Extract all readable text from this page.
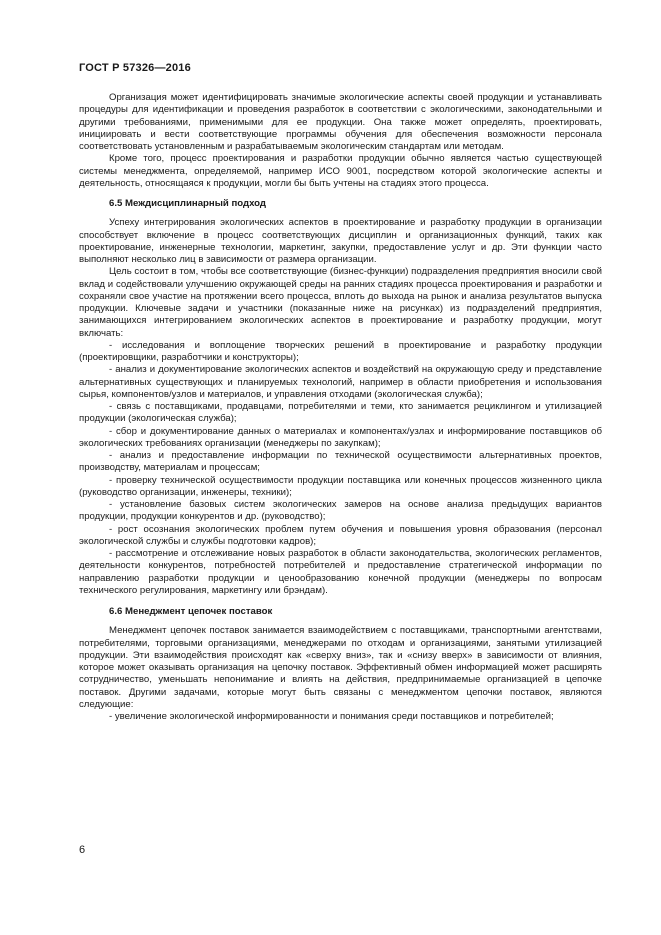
ГОСТ Р 57326—2016

Организация может идентифицировать значимые экологические аспекты своей продукции и устанавливать процедуры для идентификации и проведения разработок в соответствии с экологическими, законодательными и другими требованиями, применимыми для ее продукции. Она также может определять, проектировать, инициировать и вести соответствующие программы обучения для обеспечения возможности персонала соответствовать установленным и разрабатываемым экологическим стандартам или методам.

Кроме того, процесс проектирования и разработки продукции обычно является частью существующей системы менеджмента, определяемой, например ИСО 9001, посредством которой экологические аспекты и деятельность, относящаяся к продукции, могли бы быть учтены на стадиях этого процесса.

6.5 Междисциплинарный подход

Успеху интегрирования экологических аспектов в проектирование и разработку продукции в организации способствует включение в процесс соответствующих дисциплин и организационных функций, таких как проектирование, инженерные технологии, маркетинг, закупки, предоставление услуг и др. Эти функции часто выполняют несколько лиц в зависимости от размера организации.

Цель состоит в том, чтобы все соответствующие (бизнес-функции) подразделения предприятия вносили свой вклад и содействовали улучшению окружающей среды на ранних стадиях процесса проектирования и разработки и сохраняли свое участие на протяжении всего процесса, вплоть до выхода на рынок и анализа результатов выпуска продукции. Ключевые задачи и участники (показанные ниже на рисунках) из подразделений предприятия, занимающихся интегрированием экологических аспектов в проектирование и разработку продукции, могут включать:

- исследования и воплощение творческих решений в проектирование и разработку продукции (проектировщики, разработчики и конструкторы);

- анализ и документирование экологических аспектов и воздействий на окружающую среду и представление альтернативных существующих и планируемых технологий, например в области приобретения и использования сырья, компонентов/узлов и материалов, и управления отходами (экологическая служба);

- связь с поставщиками, продавцами, потребителями и теми, кто занимается рециклингом и утилизацией продукции (экологическая служба);

- сбор и документирование данных о материалах и компонентах/узлах и информирование поставщиков об экологических требованиях организации (менеджеры по закупкам);

- анализ и предоставление информации по технической осуществимости альтернативных проектов, производству, материалам и процессам;

- проверку технической осуществимости продукции поставщика или конечных процессов жизненного цикла (руководство организации, инженеры, техники);

- установление базовых систем экологических замеров на основе анализа предыдущих вариантов продукции, продукции конкурентов и др. (руководство);

- рост осознания экологических проблем путем обучения и повышения уровня образования (персонал экологической службы и службы подготовки кадров);

- рассмотрение и отслеживание новых разработок в области законодательства, экологических регламентов, деятельности конкурентов, потребностей потребителей и предоставление стратегической информации по направлению разработки продукции и ценообразованию конечной продукции (менеджеры по вопросам технического регулирования, маркетингу или брэндам).

6.6 Менеджмент цепочек поставок

Менеджмент цепочек поставок занимается взаимодействием с поставщиками, транспортными агентствами, потребителями, торговыми организациями, менеджерами по отходам и организациями, занятыми утилизацией продукции. Эти взаимодействия происходят как «сверху вниз», так и «снизу вверх» в зависимости от влияния, которое может оказывать организация на цепочку поставок. Эффективный обмен информацией может расширять сотрудничество, уменьшать непонимание и влиять на действия, предпринимаемые организацией в цепочке поставок. Другими задачами, которые могут быть связаны с менеджментом цепочки поставок, являются следующие:

- увеличение экологической информированности и понимания среди поставщиков и потребителей;

6
